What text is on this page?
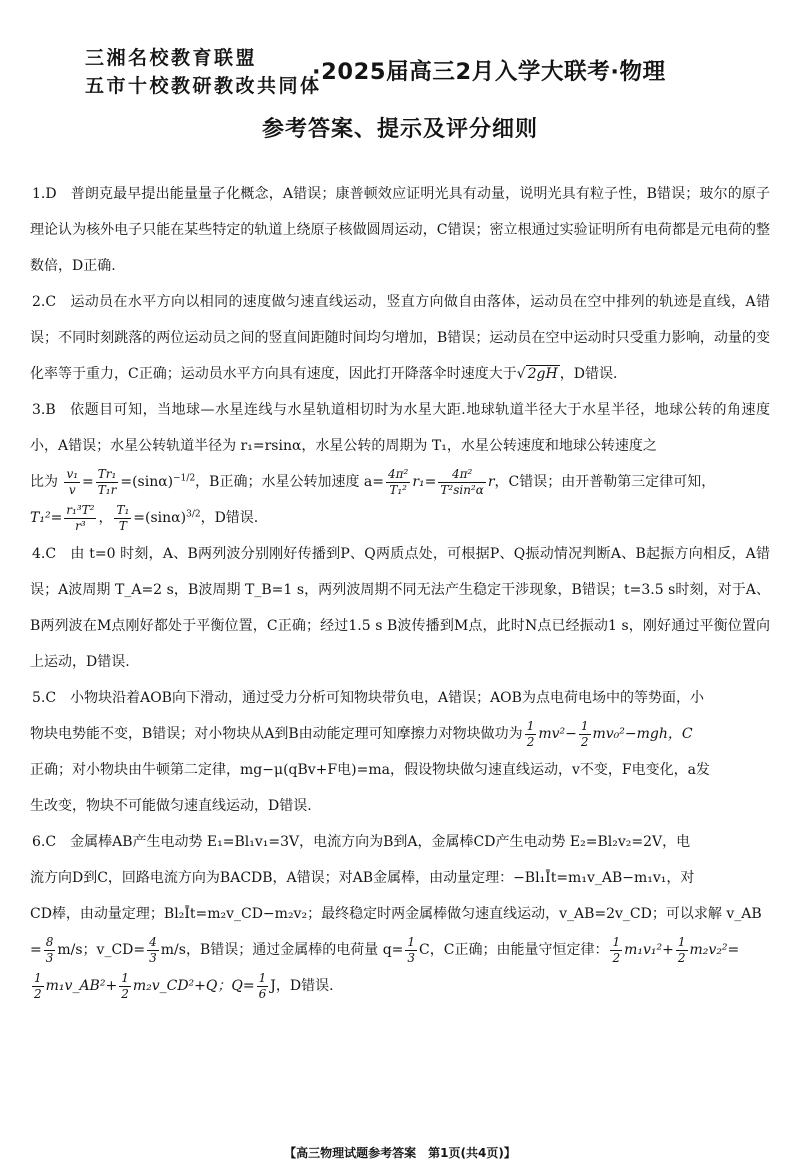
三湘名校教育联盟
五市十校教研教改共同体
·2025届高三2月入学大联考·物理
参考答案、提示及评分细则

1.D 普朗克最早提出能量量子化概念，A错误；康普顿效应证明光具有动量，说明光具有粒子性，B错误；玻尔的原子理论认为核外电子只能在某些特定的轨道上绕原子核做圆周运动，C错误；密立根通过实验证明所有电荷都是元电荷的整数倍，D正确.

2.C 运动员在水平方向以相同的速度做匀速直线运动，竖直方向做自由落体，运动员在空中排列的轨迹是直线，A错误；不同时刻跳落的两位运动员之间的竖直间距随时间均匀增加，B错误；运动员在空中运动时只受重力影响，动量的变化率等于重力，C正确；运动员水平方向具有速度，因此打开降落伞时速度大于√ 2gH ，D错误.

3.B 依题目可知，当地球—水星连线与水星轨道相切时为水星大距.地球轨道半径大于水星半径，地球公转的角速度小，A错误；水星公转轨道半径为 r₁=rsinα，水星公转的周期为 T₁，水星公转速度和地球公转速度之
比为 $\frac{\text{v₁}}{v} = \frac{\text{Tr₁}}{\text{T₁r}} =(\sin\alpha)^{-1/2}$，B正确；水星公转加速度 $a= \frac{\text{4π²}}{\text{T₁²}} r_1= \frac{\text{4π²}}{\text{T²sin²α}}$ r，C错误；由开普勒第三定律可知，
$T_1^2= \frac{\text{r₁³T²}}{\text{r³}}$ ， $\frac{\text{T₁}}{T} =(\sin\alpha)^{3/2}$，D错误.

4.C 由 t=0 时刻，A、B两列波分别刚好传播到P、Q两质点处，可根据P、Q振动情况判断A、B起振方向相反，A错误；A波周期 T_A=2 s，B波周期 T_B=1 s，两列波周期不同无法产生稳定干涉现象，B错误；t=3.5 s时刻，对于A、B两列波在M点刚好都处于平衡位置，C正确；经过1.5 s B波传播到M点，此时N点已经振动1 s，刚好通过平衡位置向上运动，D错误.

5.C 小物块沿着AOB向下滑动，通过受力分析可知物块带负电，A错误；AOB为点电荷电场中的等势面，小
物块电势能不变，B错误；对小物块从A到B由动能定理可知摩擦力对物块做功为 $\frac{1}{2} mv^2- \frac{1}{2} mv_0^2-mgh$，C
正确；对小物块由牛顿第二定律，mg−μ(qBv+F电)=ma，假设物块做匀速直线运动，v不变，F电变化，a发
生改变，物块不可能做匀速直线运动，D错误.
6.C 金属棒AB产生电动势 E₁=Bl₁v₁=3V，电流方向为B到A，金属棒CD产生电动势 E₂=Bl₂v₂=2V，电
流方向D到C，回路电流方向为BACDB，A错误；对AB金属棒，由动量定理：−Bl₁Īt=m₁v_AB−m₁v₁，对
CD棒，由动量定理；Bl₂Īt=m₂v_CD−m₂v₂；最终稳定时两金属棒做匀速直线运动，v_AB=2v_CD；可以求解 v_AB
= $\frac{8}{3} m/s$；v_CD= $\frac{4}{3} m/s$，B错误；通过金属棒的电荷量 $q= \frac{1}{3}$ C，C正确；由能量守恒定律： $\frac{1}{2} m_1v_1^2+ \frac{1}{2} m_2v_2^2=$
$\frac{1}{2}$ m₁v_AB²+ $\frac{1}{2}$ m₂v_CD²+Q；$Q= \frac{1}{6}$ J，D错误.
【高三物理试题参考答案　第1页(共4页)】
